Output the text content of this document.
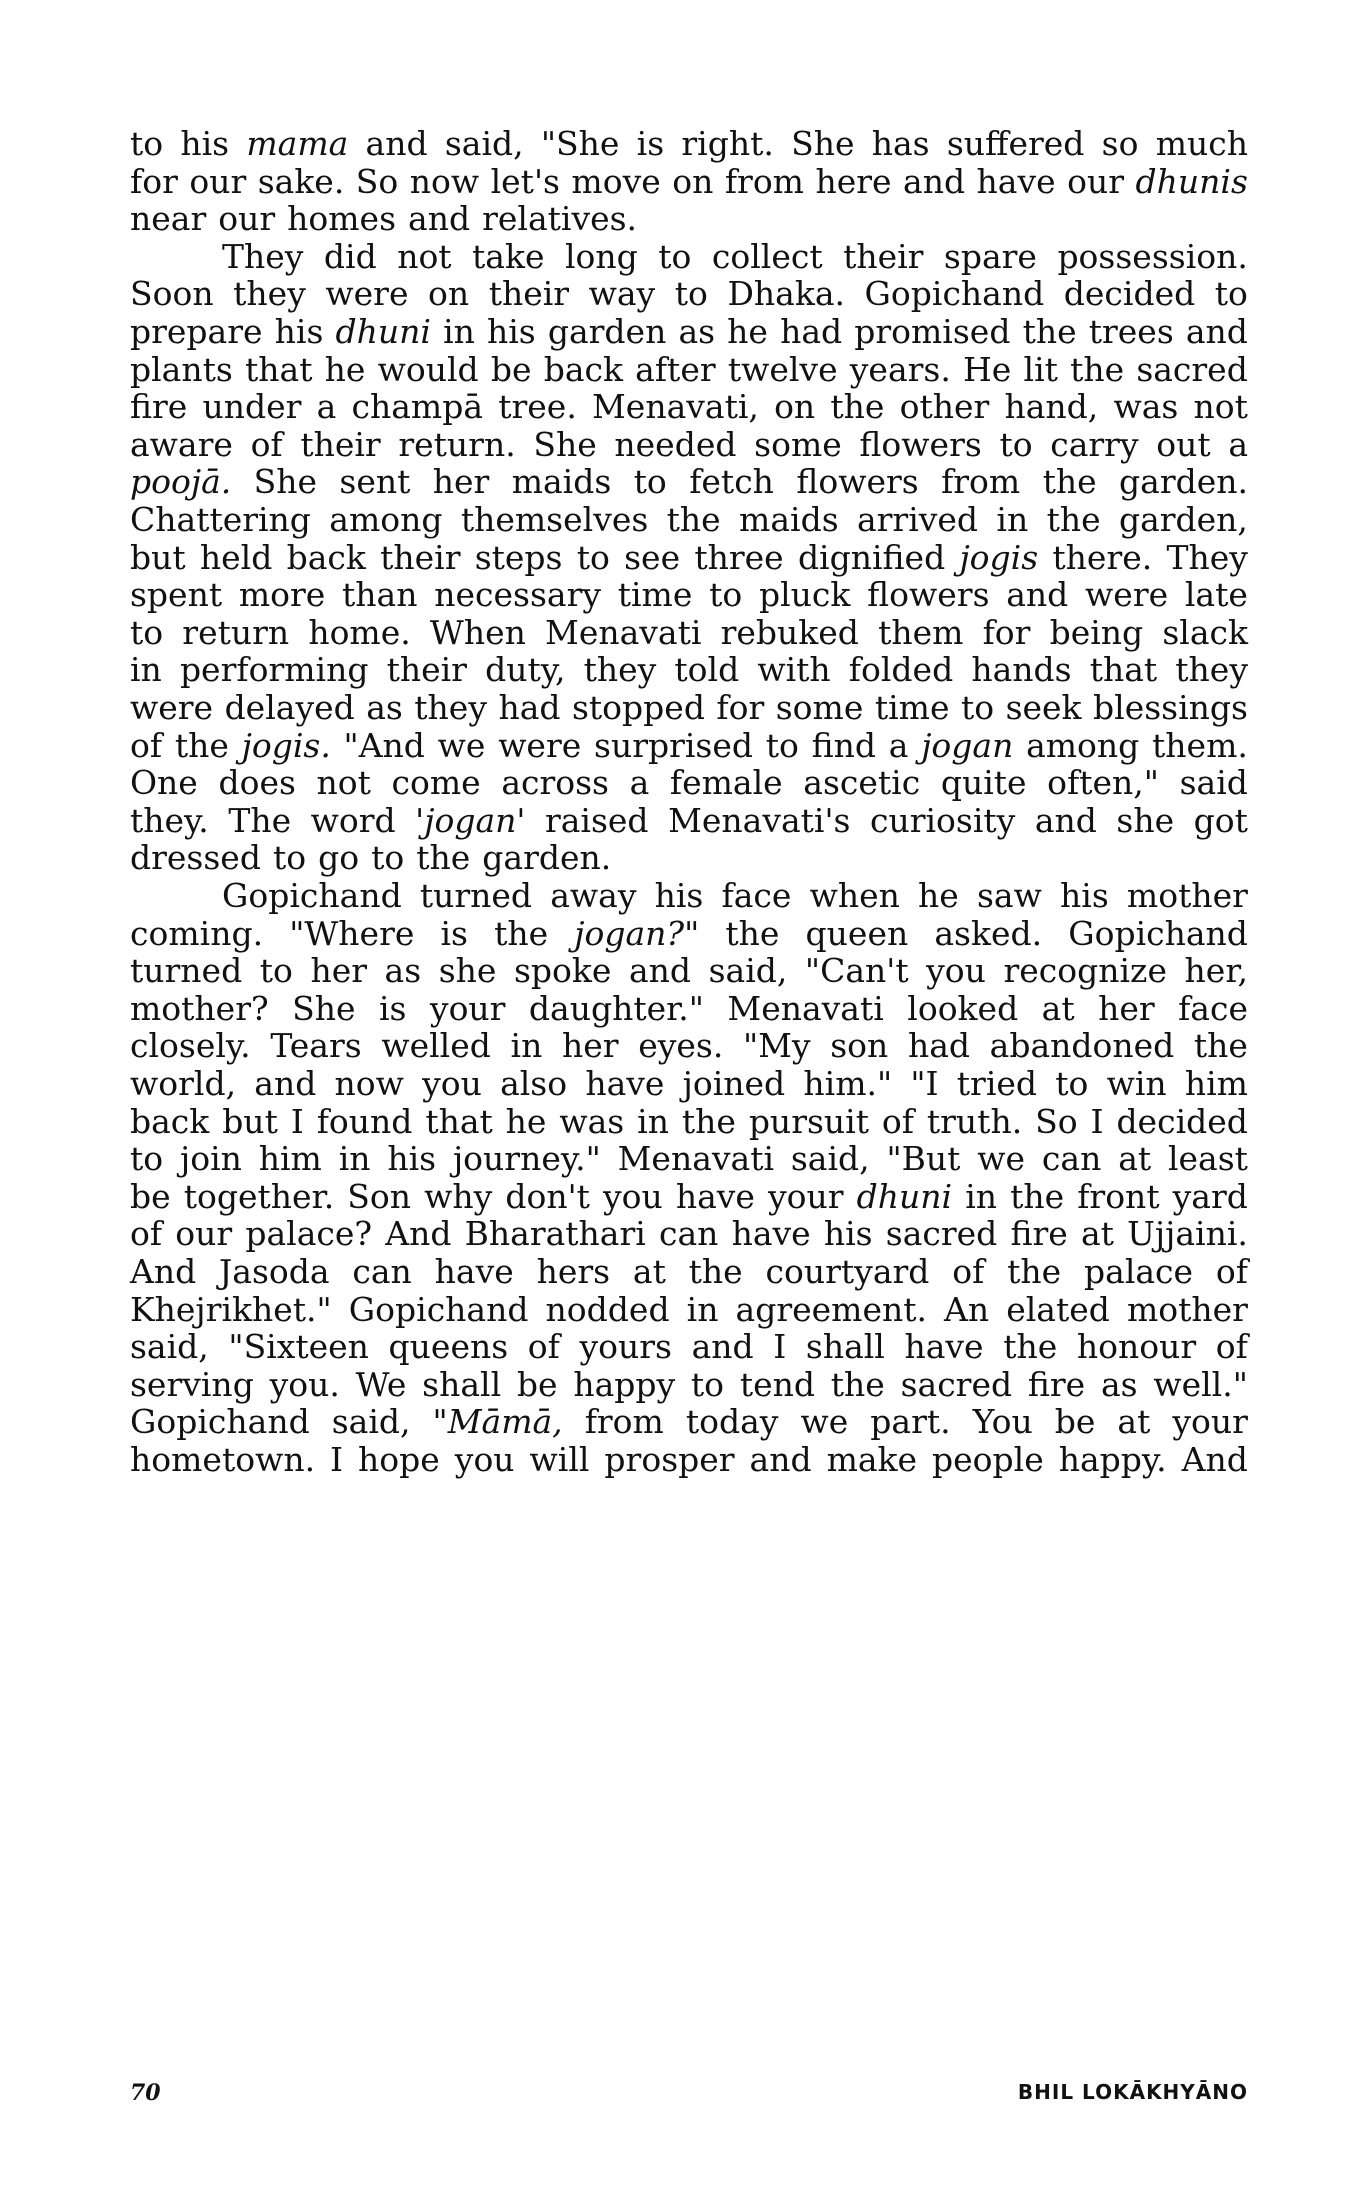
to his mama and said, "She is right. She has suffered so much
for our sake. So now let's move on from here and have our dhunis
near our homes and relatives.
They did not take long to collect their spare possession.
Soon they were on their way to Dhaka. Gopichand decided to
prepare his dhuni in his garden as he had promised the trees and
plants that he would be back after twelve years. He lit the sacred
fire under a champā tree. Menavati, on the other hand, was not
aware of their return. She needed some flowers to carry out a
poojā. She sent her maids to fetch flowers from the garden.
Chattering among themselves the maids arrived in the garden,
but held back their steps to see three dignified jogis there. They
spent more than necessary time to pluck flowers and were late
to return home. When Menavati rebuked them for being slack
in performing their duty, they told with folded hands that they
were delayed as they had stopped for some time to seek blessings
of the jogis. "And we were surprised to find a jogan among them.
One does not come across a female ascetic quite often," said
they. The word 'jogan' raised Menavati's curiosity and she got
dressed to go to the garden.
Gopichand turned away his face when he saw his mother
coming. "Where is the jogan?" the queen asked. Gopichand
turned to her as she spoke and said, "Can't you recognize her,
mother? She is your daughter." Menavati looked at her face
closely. Tears welled in her eyes. "My son had abandoned the
world, and now you also have joined him." "I tried to win him
back but I found that he was in the pursuit of truth. So I decided
to join him in his journey." Menavati said, "But we can at least
be together. Son why don't you have your dhuni in the front yard
of our palace? And Bharathari can have his sacred fire at Ujjaini.
And Jasoda can have hers at the courtyard of the palace of
Khejrikhet." Gopichand nodded in agreement. An elated mother
said, "Sixteen queens of yours and I shall have the honour of
serving you. We shall be happy to tend the sacred fire as well."
Gopichand said, "Māmā, from today we part. You be at your
hometown. I hope you will prosper and make people happy. And
70	BHIL LOKĀKHYĀNO
